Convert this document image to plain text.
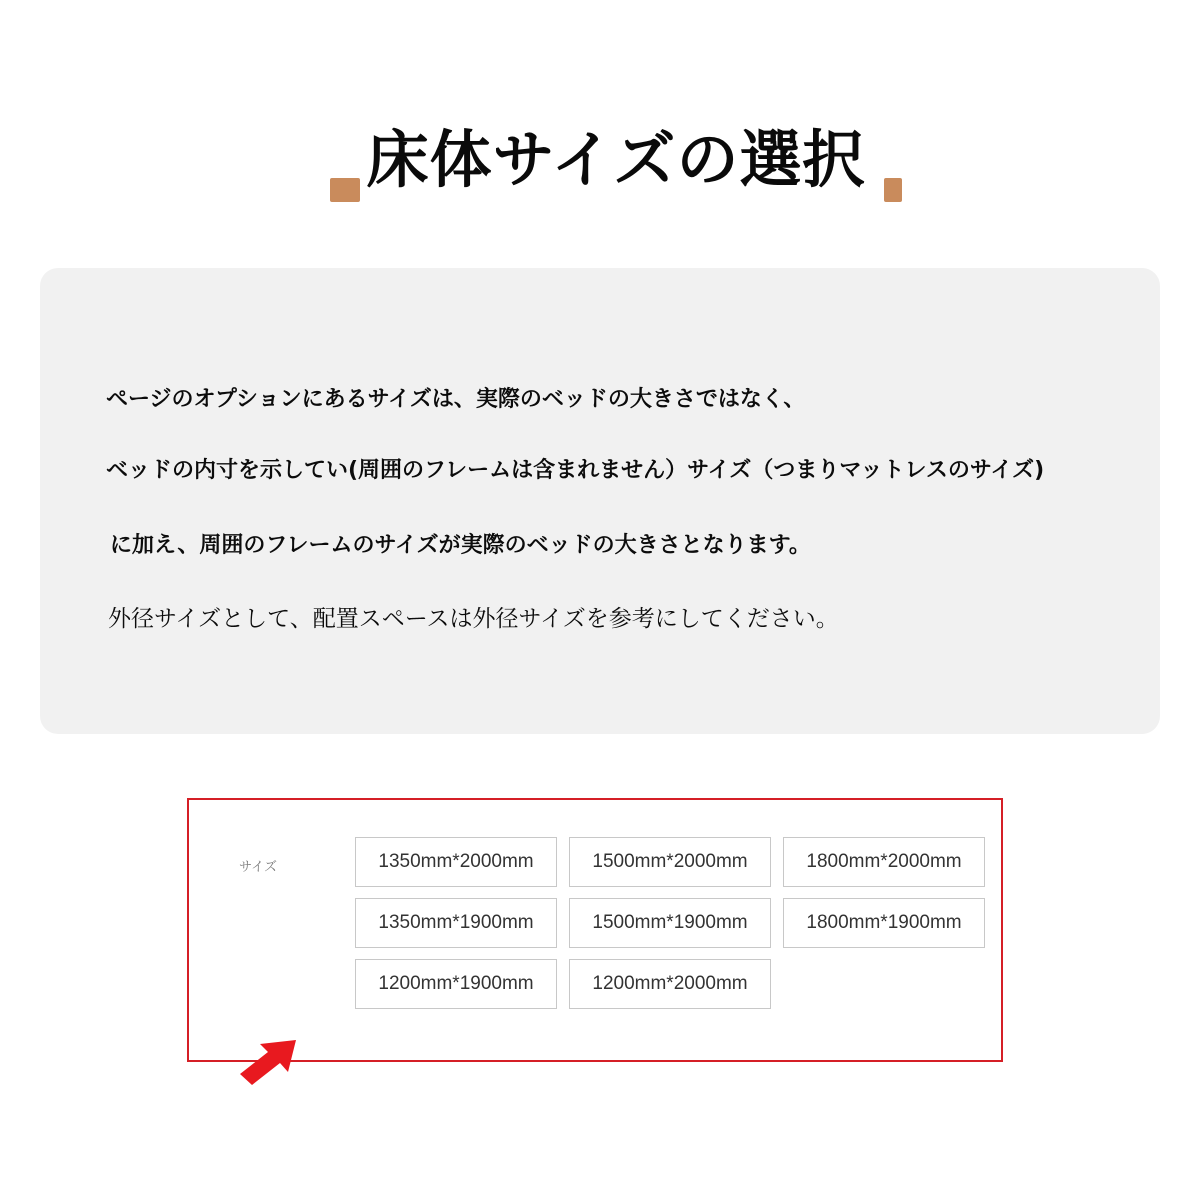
床体サイズの選択
ページのオプションにあるサイズは、実際のベッドの大きさではなく、
ベッドの内寸を示してい(周囲のフレームは含まれません）サイズ（つまりマットレスのサイズ)
に加え、周囲のフレームのサイズが実際のベッドの大きさとなります。
外径サイズとして、配置スペースは外径サイズを参考にしてください。
サイズ	1350mm*2000mm	1500mm*2000mm	1800mm*2000mm
1350mm*1900mm	1500mm*1900mm	1800mm*1900mm
1200mm*1900mm	1200mm*2000mm
